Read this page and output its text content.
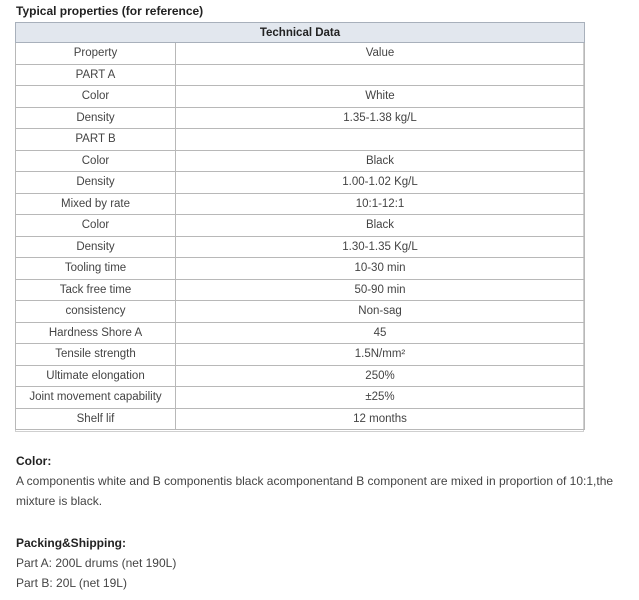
Typical properties (for reference)
Technical Data	
Property	Value
PART A	
Color	White
Density	1.35-1.38 kg/L
PART B	
Color	Black
Density	1.00-1.02 Kg/L
Mixed by rate	10:1-12:1
Color	Black
Density	1.30-1.35 Kg/L
Tooling time	10-30 min
Tack free time	50-90 min
consistency	Non-sag
Hardness Shore A	45
Tensile strength	1.5N/mm²
Ultimate elongation	250%
Joint movement capability	±25%
Shelf lif	12 months
Color:
A componentis white and B componentis black acomponentand B component are mixed in proportion of 10:1,the
mixture is black.
Packing&Shipping:
Part A: 200L drums (net 190L)
Part B: 20L (net 19L)
